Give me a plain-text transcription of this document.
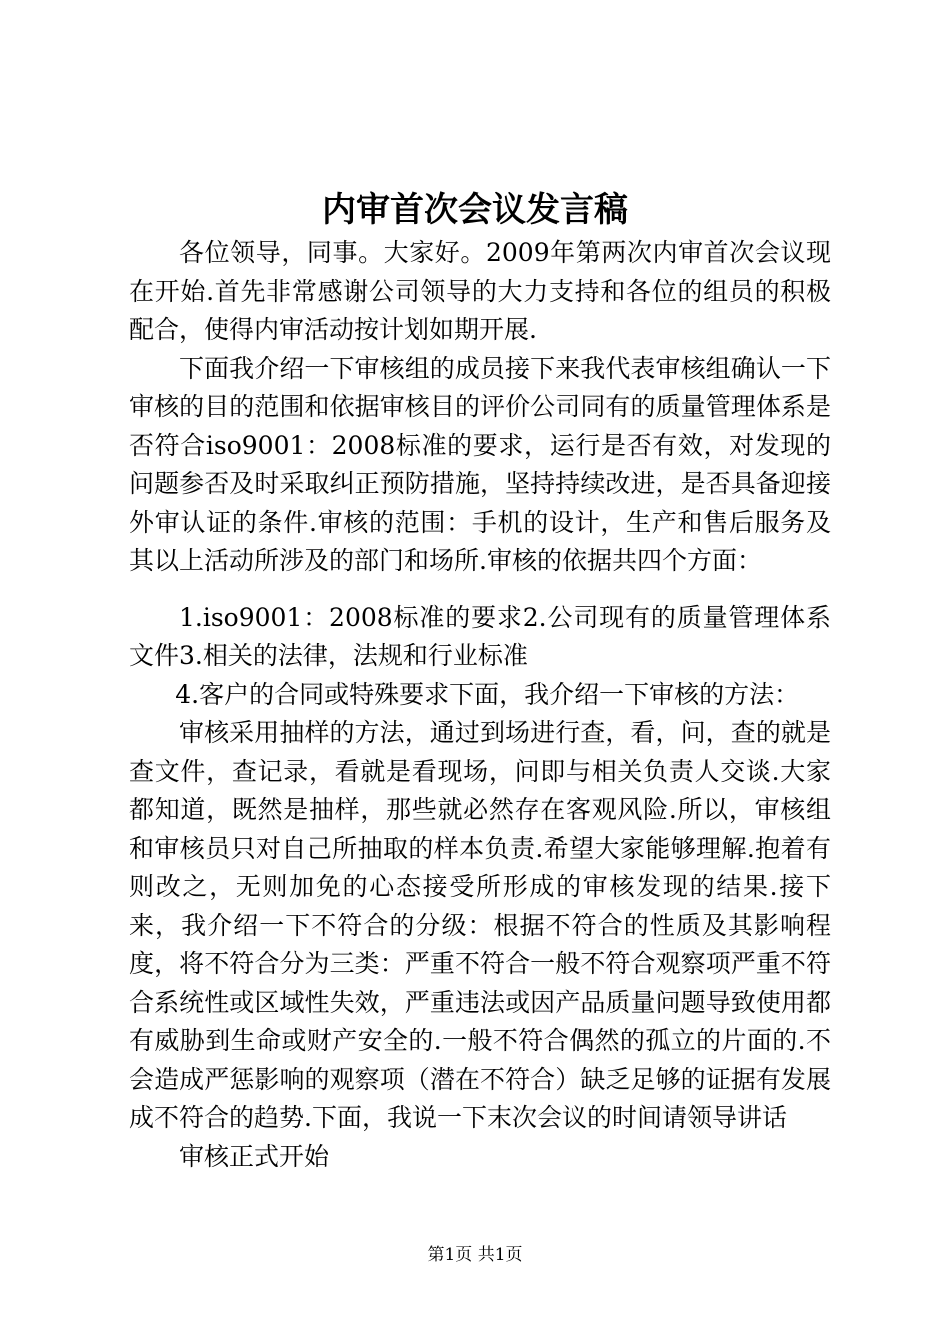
内审首次会议发言稿

各位领导，同事。大家好。2009年第两次内审首次会议现在开始.首先非常感谢公司领导的大力支持和各位的组员的积极配合，使得内审活动按计划如期开展.

下面我介绍一下审核组的成员接下来我代表审核组确认一下审核的目的范围和依据审核目的评价公司同有的质量管理体系是否符合iso9001：2008标准的要求，运行是否有效，对发现的问题参否及时采取纠正预防措施，坚持持续改进，是否具备迎接外审认证的条件.审核的范围：手机的设计，生产和售后服务及其以上活动所涉及的部门和场所.审核的依据共四个方面：

1.iso9001：2008标准的要求2.公司现有的质量管理体系文件3.相关的法律，法规和行业标准

4.客户的合同或特殊要求下面，我介绍一下审核的方法：

审核采用抽样的方法，通过到场进行查，看，问，查的就是查文件，查记录，看就是看现场，问即与相关负责人交谈.大家都知道，既然是抽样，那些就必然存在客观风险.所以，审核组和审核员只对自己所抽取的样本负责.希望大家能够理解.抱着有则改之，无则加免的心态接受所形成的审核发现的结果.接下来，我介绍一下不符合的分级：根据不符合的性质及其影响程度，将不符合分为三类：严重不符合一般不符合观察项严重不符合系统性或区域性失效，严重违法或因产品质量问题导致使用都有威胁到生命或财产安全的.一般不符合偶然的孤立的片面的.不会造成严惩影响的观察项（潜在不符合）缺乏足够的证据有发展成不符合的趋势.下面，我说一下末次会议的时间请领导讲话

审核正式开始

第1页 共1页
